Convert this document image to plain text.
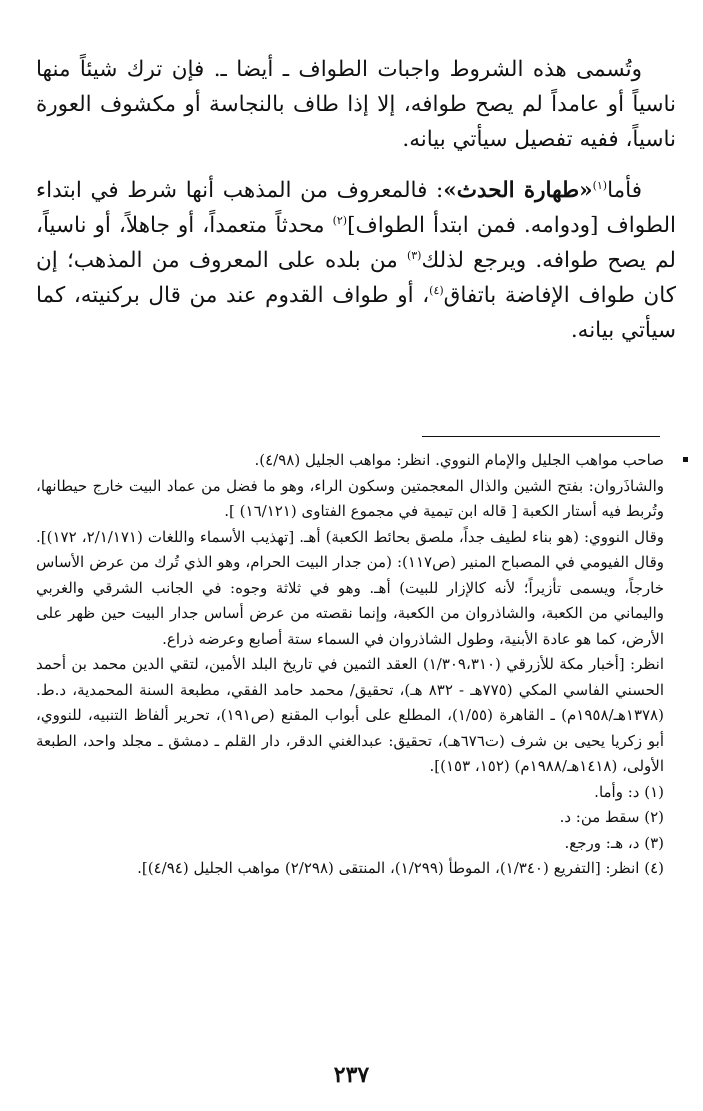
وتُسمى هذه الشروط واجبات الطواف ـ أيضا ـ. فإن ترك شيئاً منها ناسياً أو عامداً لم يصح طوافه، إلا إذا طاف بالنجاسة أو مكشوف العورة ناسياً، ففيه تفصيل سيأتي بيانه.

فأما$^{(١)}$«طهارة الحدث»: فالمعروف من المذهب أنها شرط في ابتداء الطواف [ودوامه. فمن ابتدأ الطواف]$^{(٢)}$ محدثاً متعمداً، أو جاهلاً، أو ناسياً، لم يصح طوافه. ويرجع لذلك$^{(٣)}$ من بلده على المعروف من المذهب؛ إن كان طواف الإفاضة باتفاق$^{(٤)}$، أو طواف القدوم عند من قال بركنيته، كما سيأتي بيانه.

صاحب مواهب الجليل والإمام النووي. انظر: مواهب الجليل (٤/٩٨).

والشاذَروان: بفتح الشين والذال المعجمتين وسكون الراء، وهو ما فضل من عماد البيت خارج حيطانها، وتُربط فيه أستار الكعبة [ قاله ابن تيمية في مجموع الفتاوى (١٦/١٢١) ].

وقال النووي: (هو بناء لطيف جداً، ملصق بحائط الكعبة) أهـ. [تهذيب الأسماء واللغات (٢/١/١٧١، ١٧٢)]. وقال الفيومي في المصباح المنير (ص١١٧): (من جدار البيت الحرام، وهو الذي تُرك من عرض الأساس خارجاً، ويسمى تأزيراً؛ لأنه كالإزار للبيت) أهـ. وهو في ثلاثة وجوه: في الجانب الشرقي والغربي واليماني من الكعبة، والشاذروان من الكعبة، وإنما نقصته من عرض أساس جدار البيت حين ظهر على الأرض، كما هو عادة الأبنية، وطول الشاذروان في السماء ستة أصابع وعرضه ذراع.

انظر: [أخبار مكة للأزرقي (١/٣٠٩،٣١٠) العقد الثمين في تاريخ البلد الأمين، لتقي الدين محمد بن أحمد الحسني الفاسي المكي (٧٧٥هـ - ٨٣٢ هـ)، تحقيق/ محمد حامد الفقي، مطبعة السنة المحمدية، د.ط. (١٣٧٨هـ/١٩٥٨م) ـ القاهرة (١/٥٥)، المطلع على أبواب المقنع (ص١٩١)، تحرير ألفاظ التنبيه، للنووي، أبو زكريا يحيى بن شرف (ت٦٧٦هـ)، تحقيق: عبدالغني الدقر، دار القلم ـ دمشق ـ مجلد واحد، الطبعة الأولى، (١٤١٨هـ/١٩٨٨م) (١٥٢، ١٥٣)].

(١) د: وأما.

(٢) سقط من: د.

(٣) د، هـ: ورجع.

(٤) انظر: [التفريع (١/٣٤٠)، الموطأ (١/٢٩٩)، المنتقى (٢/٢٩٨) مواهب الجليل (٤/٩٤)].

٢٣٧
